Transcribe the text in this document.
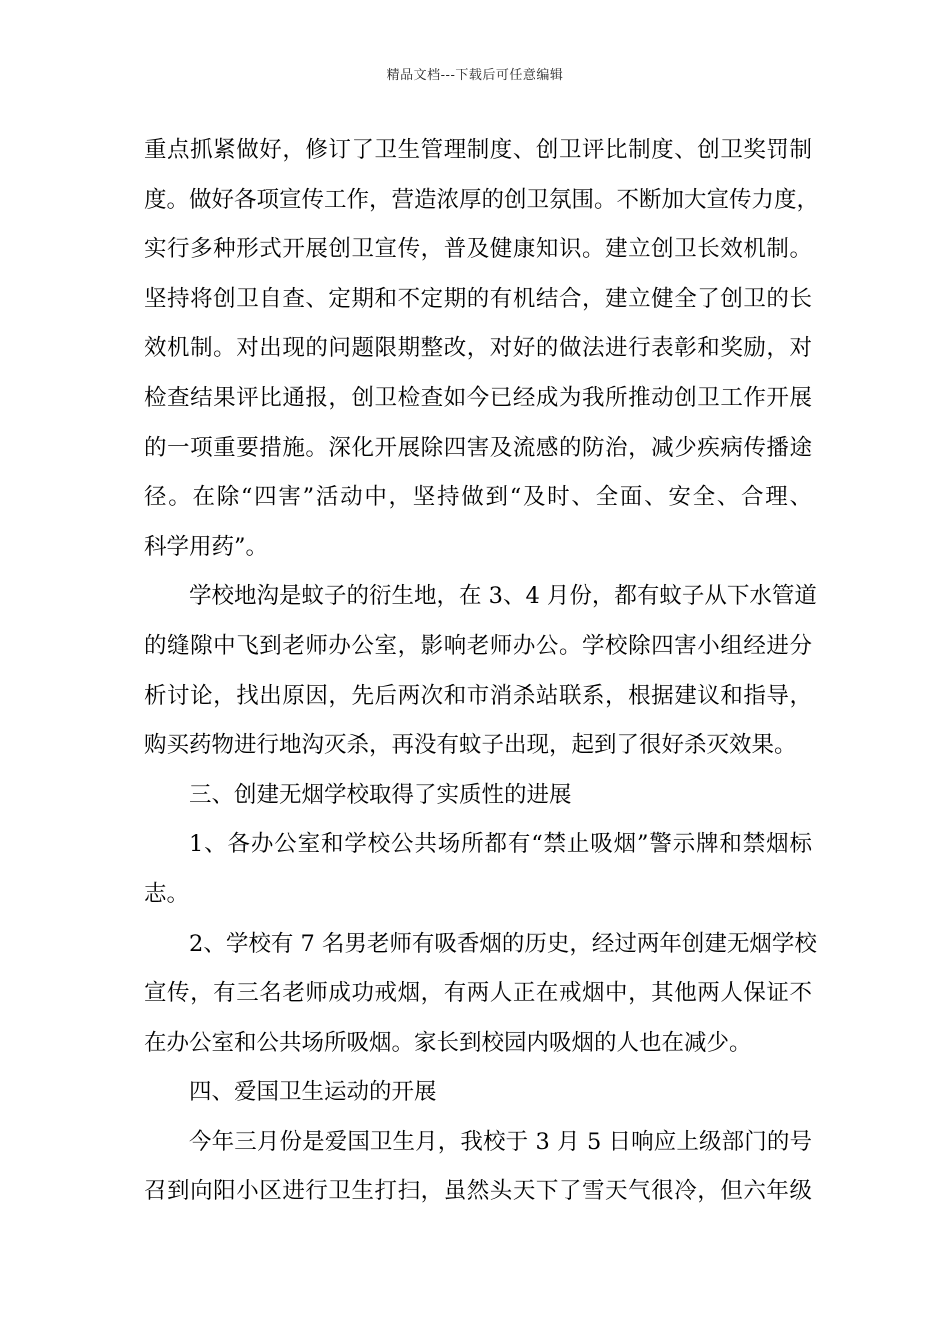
精品文档---下载后可任意编辑
重点抓紧做好，修订了卫生管理制度、创卫评比制度、创卫奖罚制
度。做好各项宣传工作，营造浓厚的创卫氛围。不断加大宣传力度，
实行多种形式开展创卫宣传，普及健康知识。建立创卫长效机制。
坚持将创卫自查、定期和不定期的有机结合，建立健全了创卫的长
效机制。对出现的问题限期整改，对好的做法进行表彰和奖励，对
检查结果评比通报，创卫检查如今已经成为我所推动创卫工作开展
的一项重要措施。深化开展除四害及流感的防治，减少疾病传播途
径。在除“四害”活动中，坚持做到“及时、全面、安全、合理、
科学用药”。
学校地沟是蚊子的衍生地，在 3、4 月份，都有蚊子从下水管道
的缝隙中飞到老师办公室，影响老师办公。学校除四害小组经进分
析讨论，找出原因，先后两次和市消杀站联系，根据建议和指导，
购买药物进行地沟灭杀，再没有蚊子出现，起到了很好杀灭效果。
三、创建无烟学校取得了实质性的进展
1、各办公室和学校公共场所都有“禁止吸烟”警示牌和禁烟标
志。
2、学校有 7 名男老师有吸香烟的历史，经过两年创建无烟学校
宣传，有三名老师成功戒烟，有两人正在戒烟中，其他两人保证不
在办公室和公共场所吸烟。家长到校园内吸烟的人也在减少。
四、爱国卫生运动的开展
今年三月份是爱国卫生月，我校于 3 月 5 日响应上级部门的号
召到向阳小区进行卫生打扫，虽然头天下了雪天气很冷，但六年级
